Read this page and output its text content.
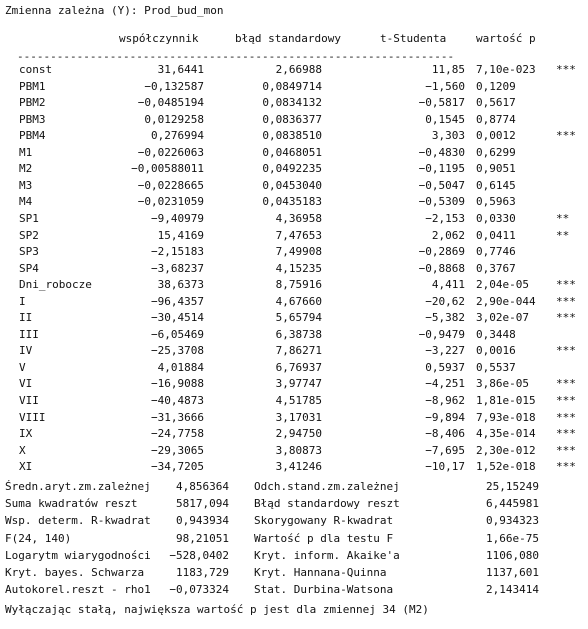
Zmienna zależna (Y): Prod_bud_mon
współczynnik	błąd standardowy	t-Studenta	wartość p
------------------------------------------------------------------
const	31,6441	2,66988	11,85 7,10e-023 ***
PBM1	−0,132587	0,0849714	−1,560 0,1209
PBM2	−0,0485194	0,0834132	−0,5817 0,5617
PBM3	0,0129258	0,0836377	0,1545 0,8774
PBM4	0,276994	0,0838510	3,303 0,0012	***
M1	−0,0226063	0,0468051	−0,4830 0,6299
M2	−0,00588011	0,0492235	−0,1195 0,9051
M3	−0,0228665	0,0453040	−0,5047 0,6145
M4	−0,0231059	0,0435183	−0,5309 0,5963
SP1	−9,40979	4,36958	−2,153 0,0330	**
SP2	15,4169	7,47653	2,062 0,0411	**
SP3	−2,15183	7,49908	−0,2869 0,7746
SP4	−3,68237	4,15235	−0,8868 0,3767
Dni_robocze	38,6373	8,75916	4,411 2,04e-05 ***
I	−96,4357	4,67660	−20,62 2,90e-044 ***
II	−30,4514	5,65794	−5,382 3,02e-07 ***
III	−6,05469	6,38738	−0,9479 0,3448
IV	−25,3708	7,86271	−3,227 0,0016	***
V	4,01884	6,76937	0,5937 0,5537
VI	−16,9088	3,97747	−4,251 3,86e-05 ***
VII	−40,4873	4,51785	−8,962 1,81e-015 ***
VIII	−31,3666	3,17031	−9,894 7,93e-018 ***
IX	−24,7758	2,94750	−8,406 4,35e-014 ***
X	−29,3065	3,80873	−7,695 2,30e-012 ***
XI	−34,7205	3,41246	−10,17 1,52e-018 ***
Średn.aryt.zm.zależnej 4,856364 Odch.stand.zm.zależnej	25,15249
Suma kwadratów reszt	5817,094 Błąd standardowy reszt	6,445981
Wsp. determ. R-kwadrat 0,943934 Skorygowany R-kwadrat	0,934323
F(24, 140)	98,21051 Wartość p dla testu F	1,66e-75
Logarytm wiarygodności −528,0402 Kryt. inform. Akaike'a	1106,080
Kryt. bayes. Schwarza	1183,729 Kryt. Hannana-Quinna	1137,601
Autokorel.reszt - rho1 −0,073324 Stat. Durbina-Watsona	2,143414
Wyłączając stałą, największa wartość p jest dla zmiennej 34 (M2)
